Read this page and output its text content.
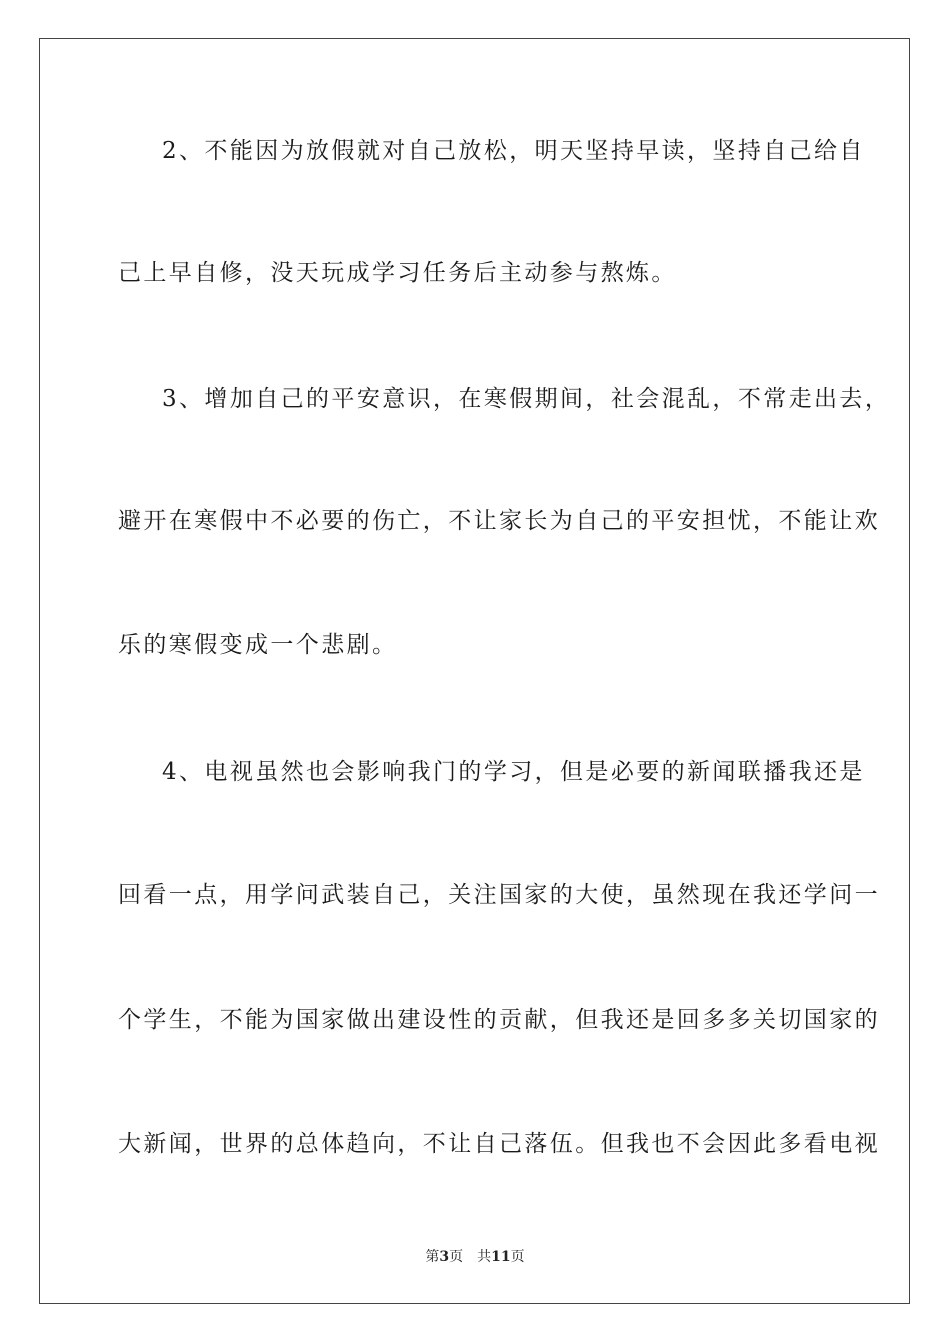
2、不能因为放假就对自己放松，明天坚持早读，坚持自己给自
己上早自修，没天玩成学习任务后主动参与熬炼。
3、增加自己的平安意识，在寒假期间，社会混乱，不常走出去，
避开在寒假中不必要的伤亡，不让家长为自己的平安担忧，不能让欢
乐的寒假变成一个悲剧。
4、电视虽然也会影响我门的学习，但是必要的新闻联播我还是
回看一点，用学问武装自己，关注国家的大使，虽然现在我还学问一
个学生，不能为国家做出建设性的贡献，但我还是回多多关切国家的
大新闻，世界的总体趋向，不让自己落伍。但我也不会因此多看电视
第3页 共11页
